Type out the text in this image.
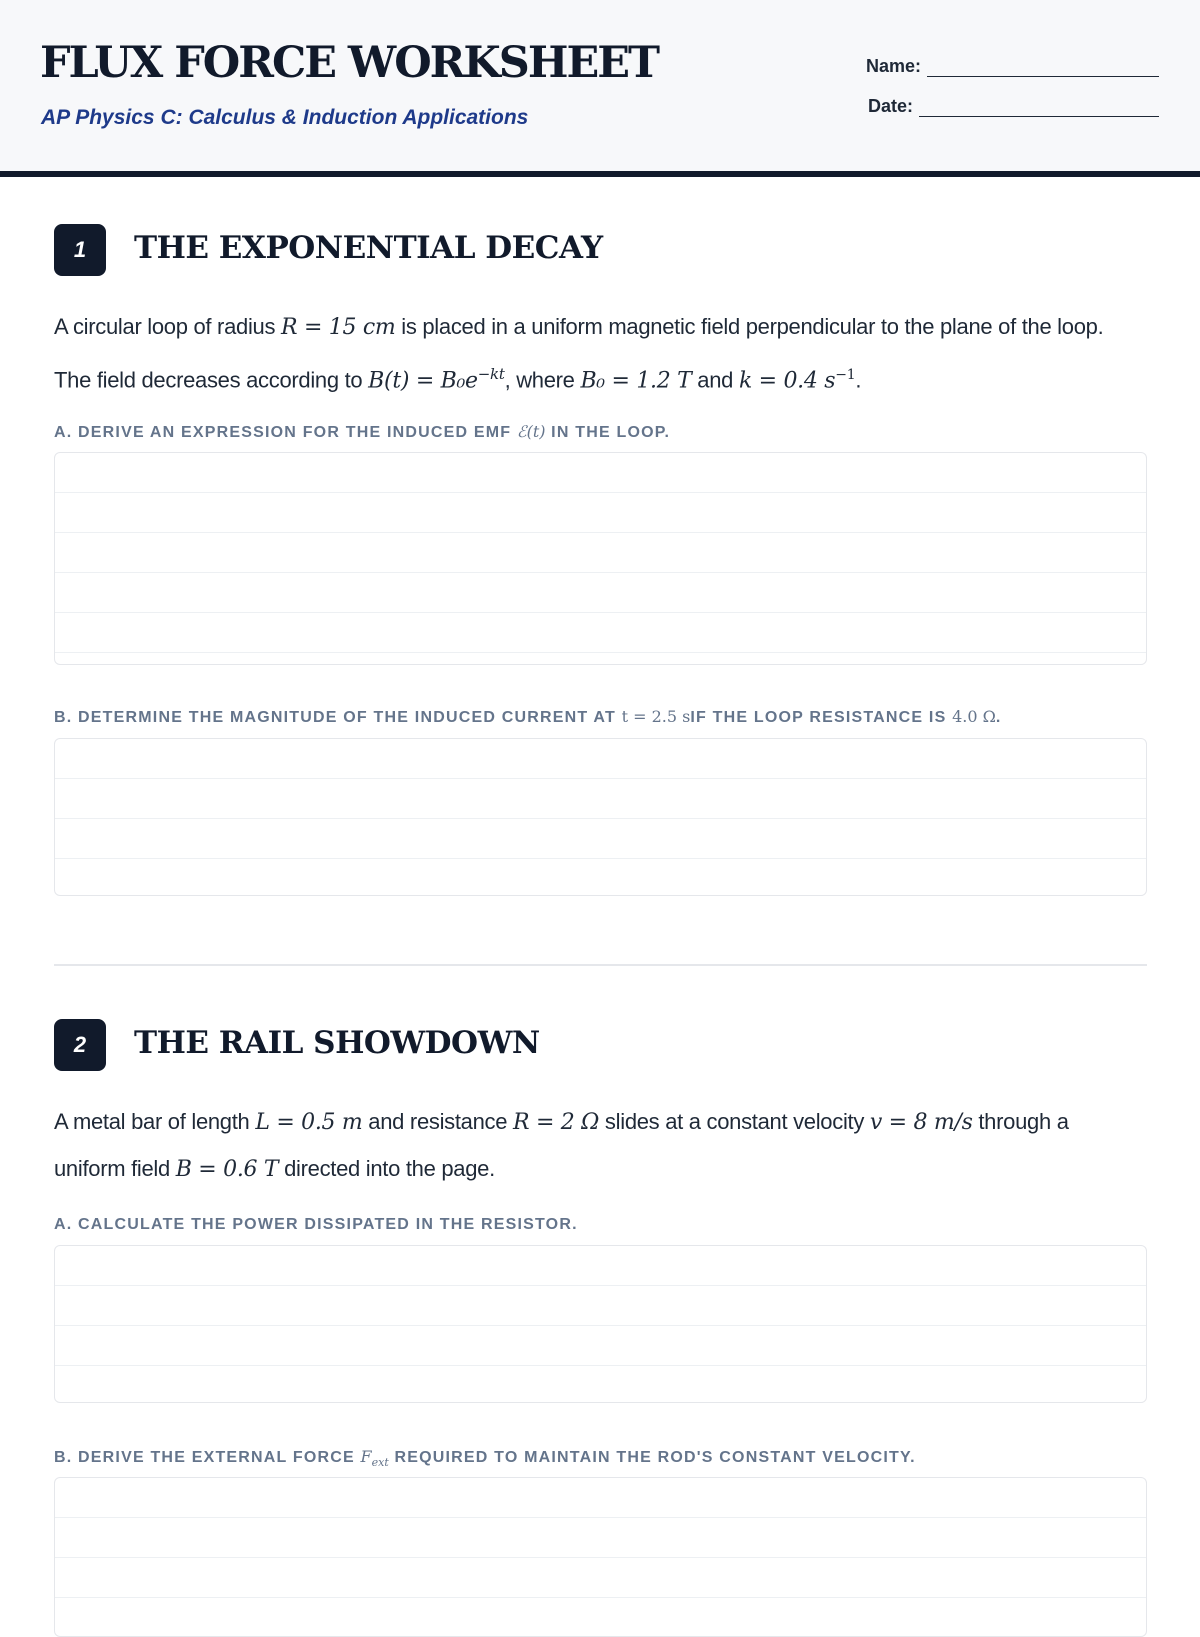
FLUX FORCE WORKSHEET
AP Physics C: Calculus & Induction Applications
Name:
Date:
1	THE EXPONENTIAL DECAY

A circular loop of radius R = 15 cm is placed in a uniform magnetic field perpendicular to the plane of the loop. The field decreases according to $B(t) = B_0e^{-kt}$, where B₀ = 1.2 T and k = 0.4 $s^{-1}$.

A. DERIVE AN EXPRESSION FOR THE INDUCED EMF ℰ(t) IN THE LOOP.

B. DETERMINE THE MAGNITUDE OF THE INDUCED CURRENT AT t = 2.5 sIF THE LOOP RESISTANCE IS 4.0 Ω.

2	THE RAIL SHOWDOWN

A metal bar of length L = 0.5 m and resistance R = 2 Ω slides at a constant velocity v = 8 m/s through a uniform field B = 0.6 T directed into the page.

A. CALCULATE THE POWER DISSIPATED IN THE RESISTOR.

B. DERIVE THE EXTERNAL FORCE $F_{ext}$ REQUIRED TO MAINTAIN THE ROD'S CONSTANT VELOCITY.
